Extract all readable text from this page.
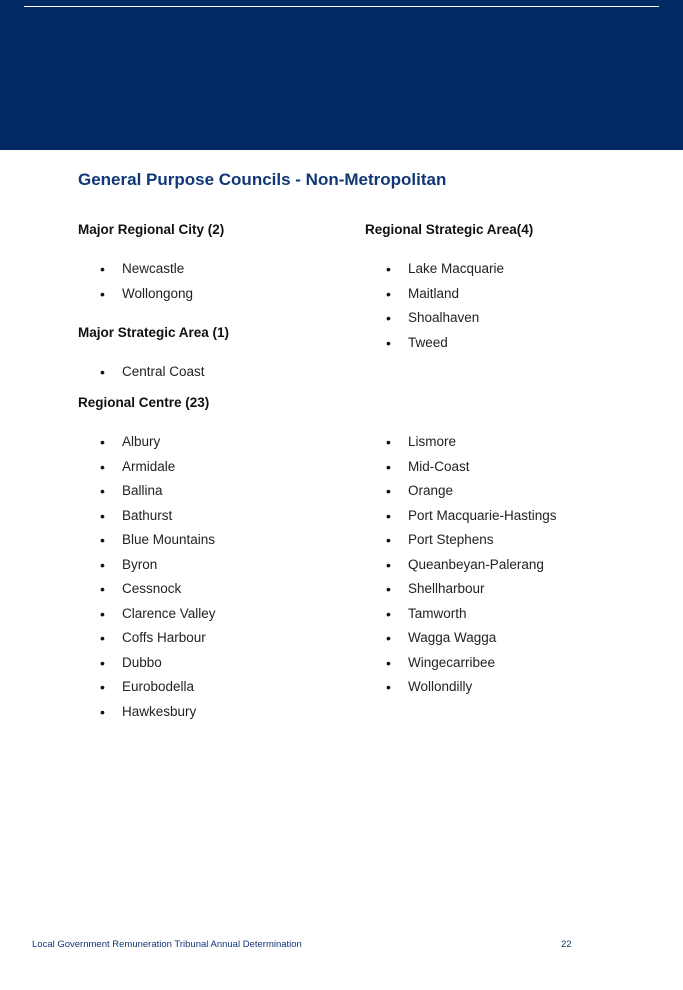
General Purpose Councils - Non-Metropolitan
Major Regional City (2)
• Newcastle
• Wollongong
Regional Strategic Area(4)
• Lake Macquarie
• Maitland
• Shoalhaven
• Tweed
Major Strategic Area (1)
• Central Coast
Regional Centre (23)
• Albury
• Armidale
• Ballina
• Bathurst
• Blue Mountains
• Byron
• Cessnock
• Clarence Valley
• Coffs Harbour
• Dubbo
• Eurobodella
• Hawkesbury
• Lismore
• Mid-Coast
• Orange
• Port Macquarie-Hastings
• Port Stephens
• Queanbeyan-Palerang
• Shellharbour
• Tamworth
• Wagga Wagga
• Wingecarribee
• Wollondilly
Local Government Remuneration Tribunal Annual Determination	22
